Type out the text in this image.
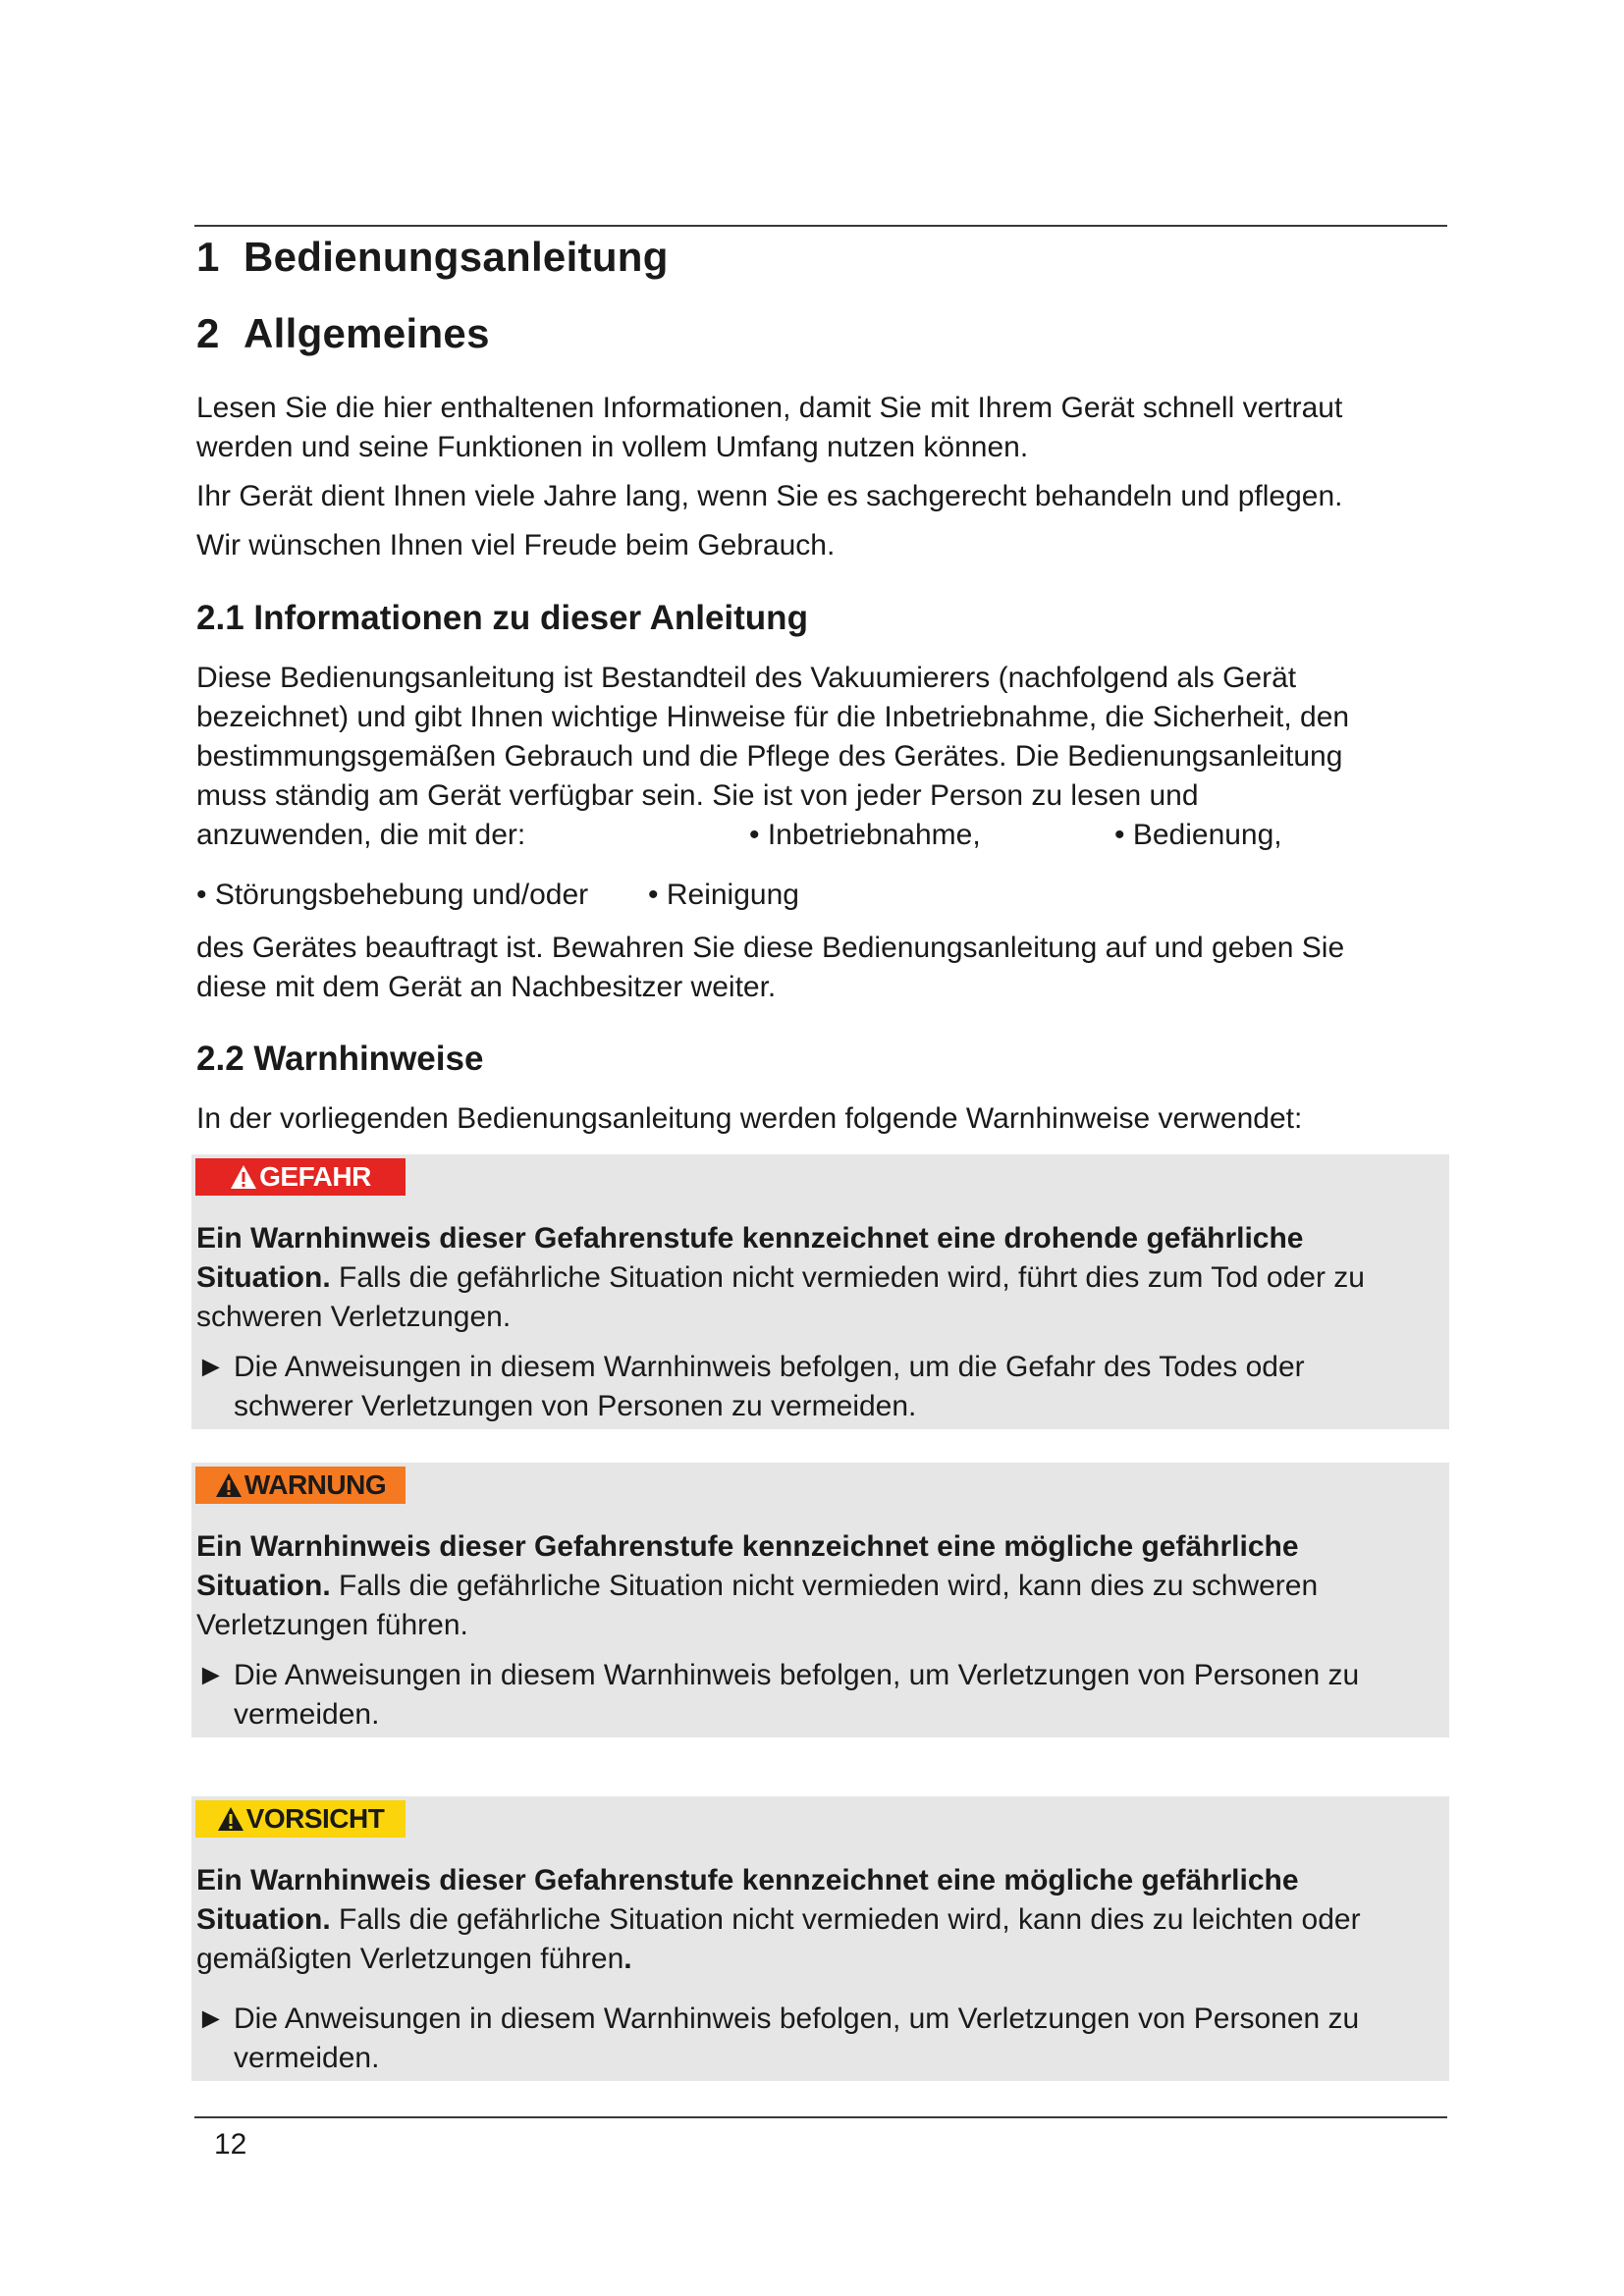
1 Bedienungsanleitung
2 Allgemeines

Lesen Sie die hier enthaltenen Informationen, damit Sie mit Ihrem Gerät schnell vertraut

werden und seine Funktionen in vollem Umfang nutzen können.

Ihr Gerät dient Ihnen viele Jahre lang, wenn Sie es sachgerecht behandeln und pflegen.

Wir wünschen Ihnen viel Freude beim Gebrauch.

2.1 Informationen zu dieser Anleitung

Diese Bedienungsanleitung ist Bestandteil des Vakuumierers (nachfolgend als Gerät

bezeichnet) und gibt Ihnen wichtige Hinweise für die Inbetriebnahme, die Sicherheit, den

bestimmungsgemäßen Gebrauch und die Pflege des Gerätes. Die Bedienungsanleitung

muss ständig am Gerät verfügbar sein. Sie ist von jeder Person zu lesen und

anzuwenden, die mit der:	• Inbetriebnahme,	• Bedienung,
• Störungsbehebung und/oder • Reinigung

des Gerätes beauftragt ist. Bewahren Sie diese Bedienungsanleitung auf und geben Sie

diese mit dem Gerät an Nachbesitzer weiter.

2.2 Warnhinweise

In der vorliegenden Bedienungsanleitung werden folgende Warnhinweise verwendet:

GEFAHR
Ein Warnhinweis dieser Gefahrenstufe kennzeichnet eine drohende gefährliche
Situation. Falls die gefährliche Situation nicht vermieden wird, führt dies zum Tod oder zu
schweren Verletzungen.
► Die Anweisungen in diesem Warnhinweis befolgen, um die Gefahr des Todes oder
schwerer Verletzungen von Personen zu vermeiden.
WARNUNG
Ein Warnhinweis dieser Gefahrenstufe kennzeichnet eine mögliche gefährliche
Situation. Falls die gefährliche Situation nicht vermieden wird, kann dies zu schweren
Verletzungen führen.
► Die Anweisungen in diesem Warnhinweis befolgen, um Verletzungen von Personen zu
vermeiden.
VORSICHT
Ein Warnhinweis dieser Gefahrenstufe kennzeichnet eine mögliche gefährliche
Situation. Falls die gefährliche Situation nicht vermieden wird, kann dies zu leichten oder
gemäßigten Verletzungen führen.
► Die Anweisungen in diesem Warnhinweis befolgen, um Verletzungen von Personen zu
vermeiden.
12
